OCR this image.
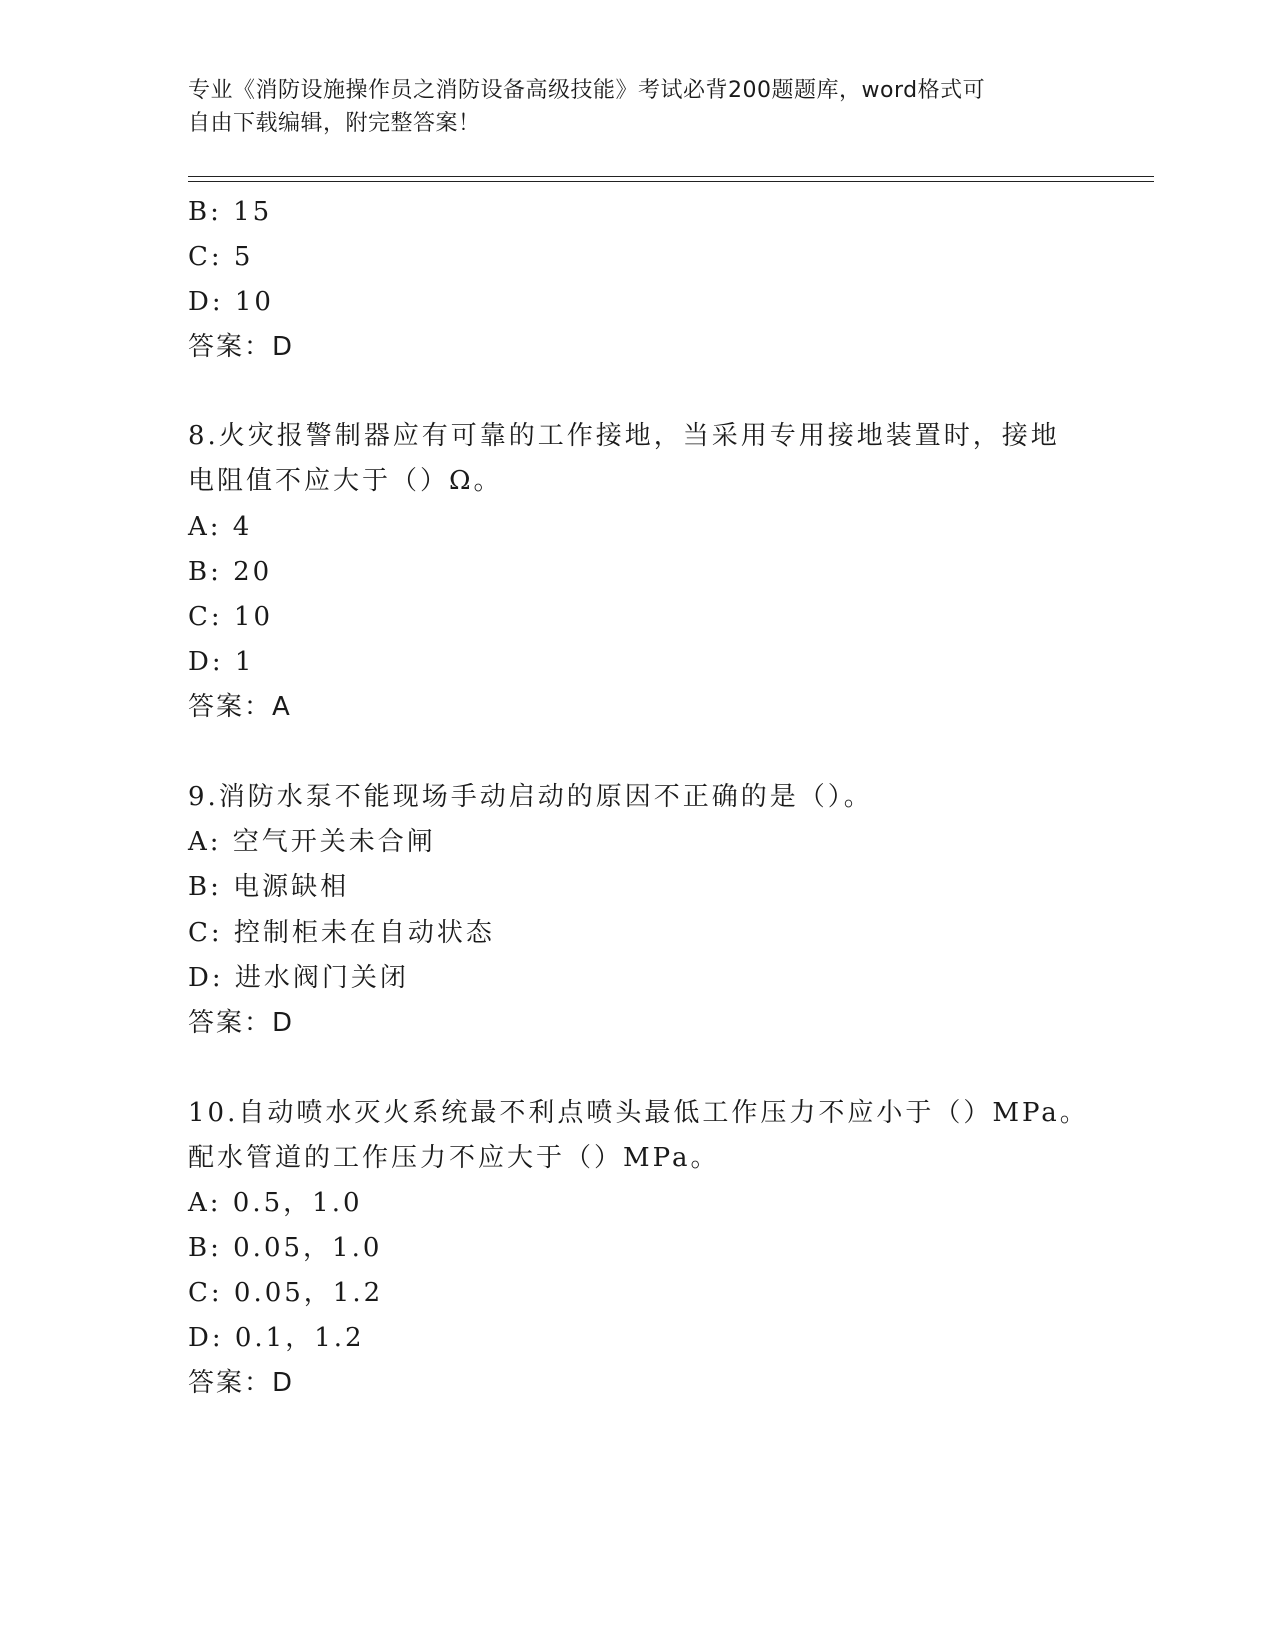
专业《消防设施操作员之消防设备高级技能》考试必背200题题库，word格式可
自由下载编辑，附完整答案！
B: 15
C: 5
D: 10
答案：D
8.火灾报警制器应有可靠的工作接地，当采用专用接地装置时，接地
电阻值不应大于（）Ω。
A: 4
B: 20
C: 10
D: 1
答案：A
9.消防水泵不能现场手动启动的原因不正确的是（）。
A: 空气开关未合闸
B: 电源缺相
C: 控制柜未在自动状态
D: 进水阀门关闭
答案：D
10.自动喷水灭火系统最不利点喷头最低工作压力不应小于（）MPa。
配水管道的工作压力不应大于（）MPa。
A: 0.5，1.0
B: 0.05，1.0
C: 0.05，1.2
D: 0.1，1.2
答案：D
